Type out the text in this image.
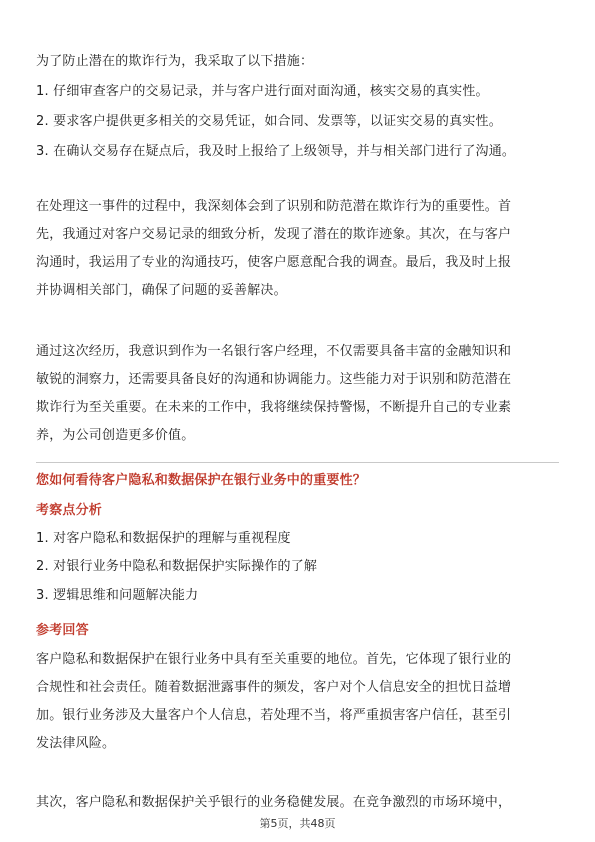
为了防止潜在的欺诈行为，我采取了以下措施：
1. 仔细审查客户的交易记录，并与客户进行面对面沟通，核实交易的真实性。
2. 要求客户提供更多相关的交易凭证，如合同、发票等，以证实交易的真实性。
3. 在确认交易存在疑点后，我及时上报给了上级领导，并与相关部门进行了沟通。
在处理这一事件的过程中，我深刻体会到了识别和防范潜在欺诈行为的重要性。首
先，我通过对客户交易记录的细致分析，发现了潜在的欺诈迹象。其次，在与客户
沟通时，我运用了专业的沟通技巧，使客户愿意配合我的调查。最后，我及时上报
并协调相关部门，确保了问题的妥善解决。
通过这次经历，我意识到作为一名银行客户经理，不仅需要具备丰富的金融知识和
敏锐的洞察力，还需要具备良好的沟通和协调能力。这些能力对于识别和防范潜在
欺诈行为至关重要。在未来的工作中，我将继续保持警惕，不断提升自己的专业素
养，为公司创造更多价值。
您如何看待客户隐私和数据保护在银行业务中的重要性？
考察点分析
1. 对客户隐私和数据保护的理解与重视程度
2. 对银行业务中隐私和数据保护实际操作的了解
3. 逻辑思维和问题解决能力
参考回答
客户隐私和数据保护在银行业务中具有至关重要的地位。首先，它体现了银行业的
合规性和社会责任。随着数据泄露事件的频发，客户对个人信息安全的担忧日益增
加。银行业务涉及大量客户个人信息，若处理不当，将严重损害客户信任，甚至引
发法律风险。
其次，客户隐私和数据保护关乎银行的业务稳健发展。在竞争激烈的市场环境中，
第5页，共48页
